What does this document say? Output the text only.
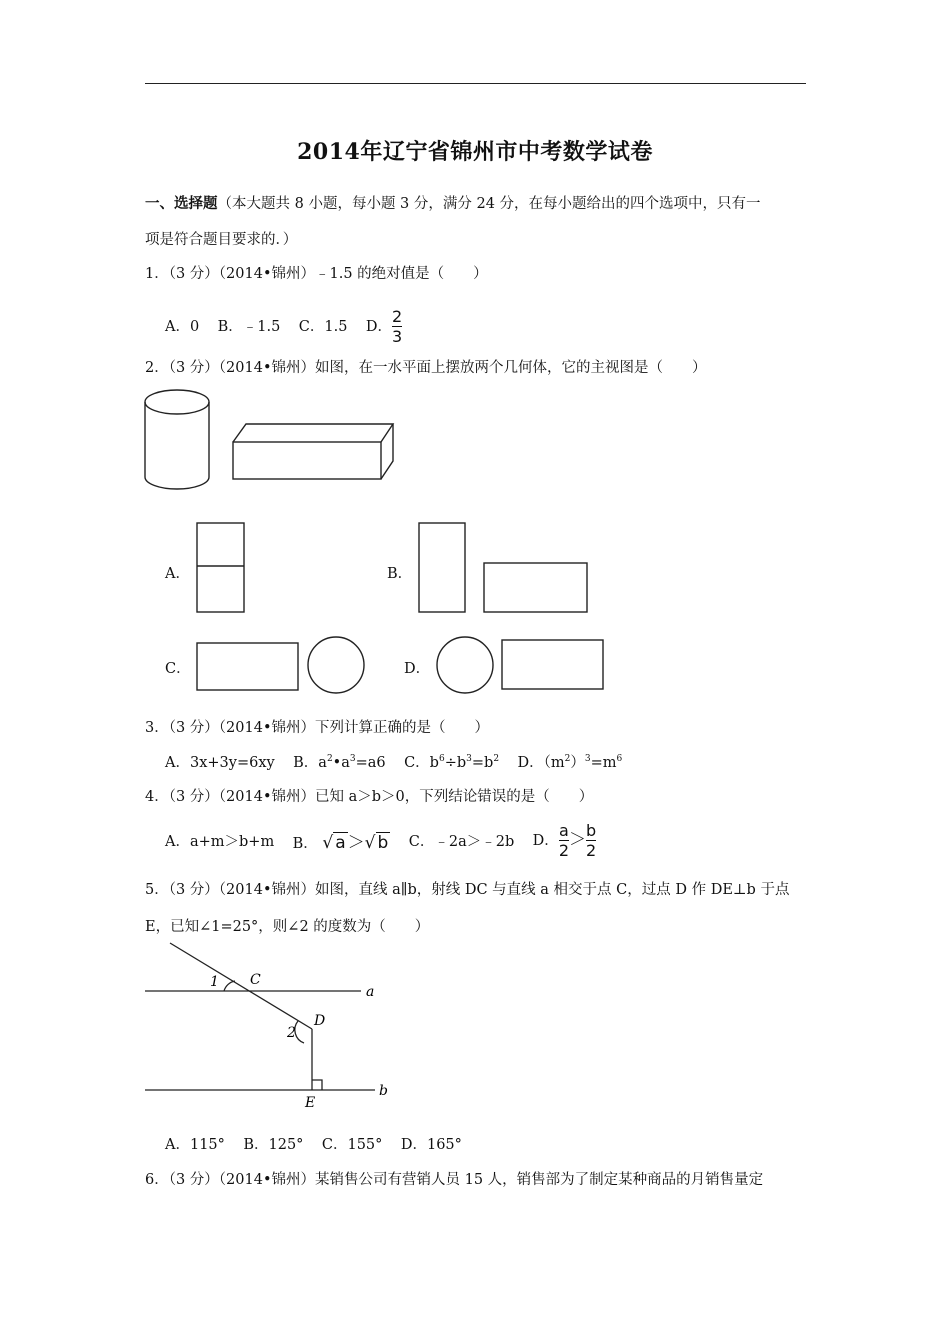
2014年辽宁省锦州市中考数学试卷
一、选择题（本大题共 8 小题，每小题 3 分，满分 24 分，在每小题给出的四个选项中，只有一
项是符合题目要求的．）
1．（3 分）（2014•锦州）﹣1.5 的绝对值是（　　）
A．0 B．﹣1.5 C．1.5 D． $\frac{2}{3}$
2．（3 分）（2014•锦州）如图，在一水平面上摆放两个几何体，它的主视图是（　　）
A．	B．
C．	D．
3．（3 分）（2014•锦州）下列计算正确的是（　　）
A．3x+3y=6xy B．$a^2•a^3=a6$ C．$b^6\div b^3=b^2$ D．$(m^2)^3=m^6$
4．（3 分）（2014•锦州）已知 a＞b＞0，下列结论错误的是（　　）
A．a+m＞b+m B． √ a ＞√ b C．﹣2a＞﹣2b D． $\frac{a}{2} > \frac{b}{2}$
5．（3 分）（2014•锦州）如图，直线 a∥b，射线 DC 与直线 a 相交于点 C，过点 D 作 DE⊥b 于点
E，已知∠1=25°，则∠2 的度数为（　　）
1 C
a
D
2
E
b
A．115° B．125° C．155° D．165°
6．（3 分）（2014•锦州）某销售公司有营销人员 15 人，销售部为了制定某种商品的月销售量定
